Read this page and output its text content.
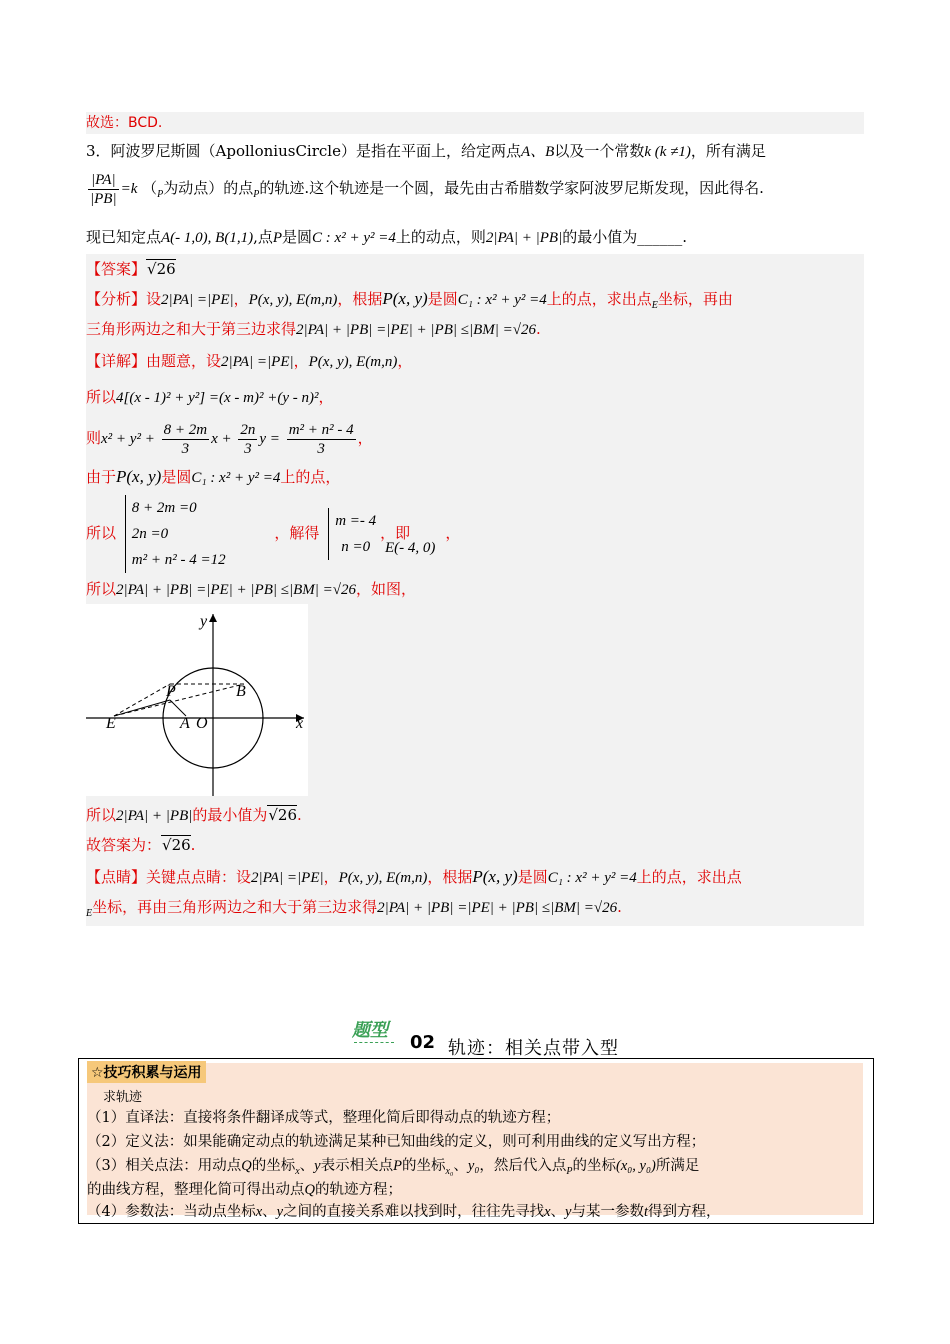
故选：BCD.
3．阿波罗尼斯圆（ApolloniusCircle）是指在平面上，给定两点A、B以及一个常数k (k ≠1)，所有满足
$\frac{|PA|}{|PB|} =k$ （$_P$为动点）的点$_P$的轨迹.这个轨迹是一个圆，最先由古希腊数学家阿波罗尼斯发现，因此得名.
现已知定点A(- 1,0), B(1,1),点P是圆C : x² + y² =4上的动点，则2|PA| + |PB|的最小值为______.
【答案】√26
【分析】设2|PA| =|PE|，P(x, y), E(m,n)，根据P(x, y)是圆C₁ : x² + y² =4上的点，求出点$_E$坐标，再由
三角形两边之和大于第三边求得2|PA| + |PB| =|PE| + |PB| ≤|BM| =√26.
【详解】由题意，设2|PA| =|PE|，P(x, y), E(m,n)，
所以4[(x - 1)² + y²] =(x - m)² +(y - n)²，
则$x^2 + y^2 + \frac{8 + 2m}{3}$ $x + \frac{2n}{3}$ $y = \frac{\text{m² + n² - 4}}{3}$ ，
由于P(x, y)是圆C₁ : x² + y² =4上的点，
所以
8 + 2m =0
2n =0
m² + n² - 4 =12
，解得
m =- 4
n =0
，即 E(- 4, 0)，
所以2|PA| + |PB| =|PE| + |PB| ≤|BM| =√26，如图，
y
P	B
E	A O	x
所以2|PA| + |PB|的最小值为√26.
故答案为：√26.
【点睛】关键点点睛：设2|PA| =|PE|，P(x, y), E(m,n)，根据P(x, y)是圆C₁ : x² + y² =4上的点，求出点
$_E$坐标，再由三角形两边之和大于第三边求得2|PA| + |PB| =|PE| + |PB| ≤|BM| =√26.
题型
02 轨迹：相关点带入型
☆技巧积累与运用
求轨迹
（1）直译法：直接将条件翻译成等式，整理化简后即得动点的轨迹方程；
（2）定义法：如果能确定动点的轨迹满足某种已知曲线的定义，则可利用曲线的定义写出方程；
（3）相关点法：用动点Q的坐标$_x$、y表示相关点P的坐标$_{x_0}$、y₀，然后代入点$_P$的坐标(x₀, y₀)所满足
的曲线方程，整理化简可得出动点Q的轨迹方程；
（4）参数法：当动点坐标x、y之间的直接关系难以找到时，往往先寻找x、y与某一参数t得到方程，
